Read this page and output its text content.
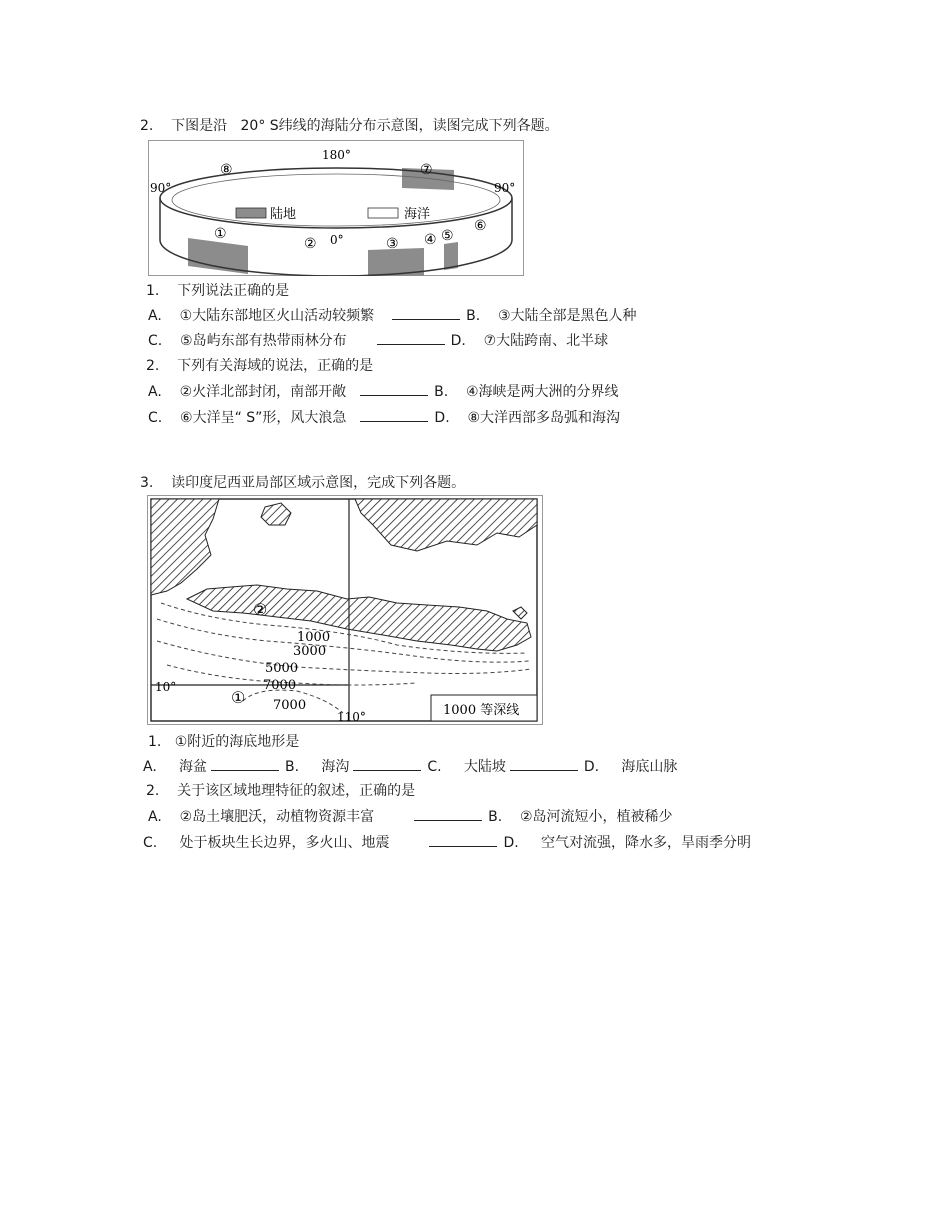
2.    下图是沿   20° S纬线的海陆分布示意图，读图完成下列各题。
180°
90°	90°
0°
陆地	海洋
⑧	⑦
①
②	③ ④ ⑤
⑥
1.    下列说法正确的是
A.    ①大陆东部地区火山活动较频繁	B.    ③大陆全部是黑色人种
C.    ⑤岛屿东部有热带雨林分布	D.    ⑦大陆跨南、北半球
2.    下列有关海域的说法，正确的是
A.    ②火洋北部封闭，南部开敞	B.    ④海峡是两大洲的分界线
C.    ⑥大洋呈“ S”形，风大浪急	D.    ⑧大洋西部多岛弧和海沟
3.    读印度尼西亚局部区域示意图，完成下列各题。
1000
3000
5000
7000
7000
10°
110°
②
①
1000 等深线
1.   ①附近的海底地形是
A.     海盆	B.     海沟	C.     大陆坡	D.     海底山脉
2.    关于该区域地理特征的叙述，正确的是
A.    ②岛土壤肥沃，动植物资源丰富	B.    ②岛河流短小，植被稀少
C.     处于板块生长边界，多火山、地震	D.     空气对流强，降水多，旱雨季分明
